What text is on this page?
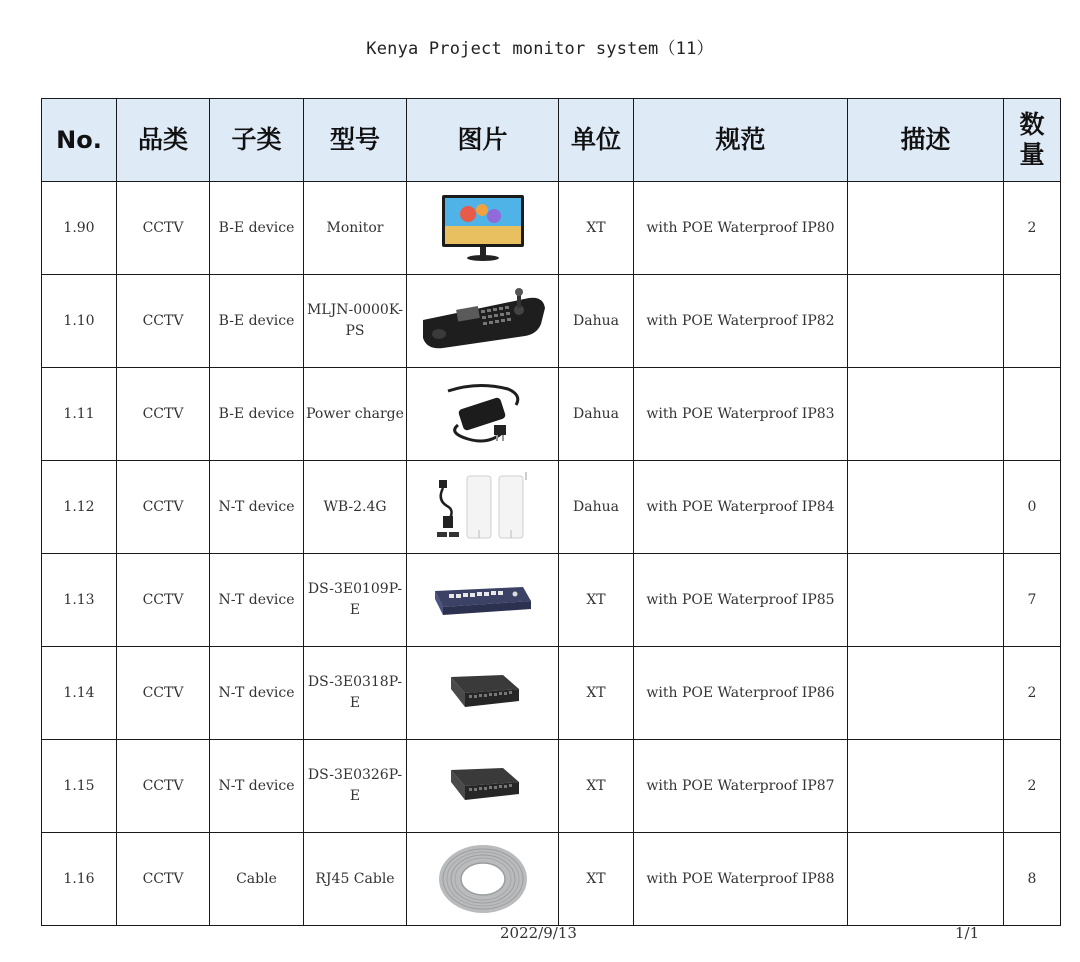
Kenya Project monitor system（11）
No.	品类	子类	型号	图片	单位	规范	描述	数
量
1.90	CCTV	B-E device	Monitor		XT	with POE Waterproof IP80		2
1.10	CCTV	B-E device	MLJN-0000K-PS		Dahua	with POE Waterproof IP82		
1.11	CCTV	B-E device	Power charge		Dahua	with POE Waterproof IP83		
1.12	CCTV	N-T device	WB-2.4G		Dahua	with POE Waterproof IP84		0
1.13	CCTV	N-T device	DS-3E0109P-E		XT	with POE Waterproof IP85		7
1.14	CCTV	N-T device	DS-3E0318P-E		XT	with POE Waterproof IP86		2
1.15	CCTV	N-T device	DS-3E0326P-E		XT	with POE Waterproof IP87		2
1.16	CCTV	Cable	RJ45 Cable		XT	with POE Waterproof IP88		8
2022/9/13	1/1
